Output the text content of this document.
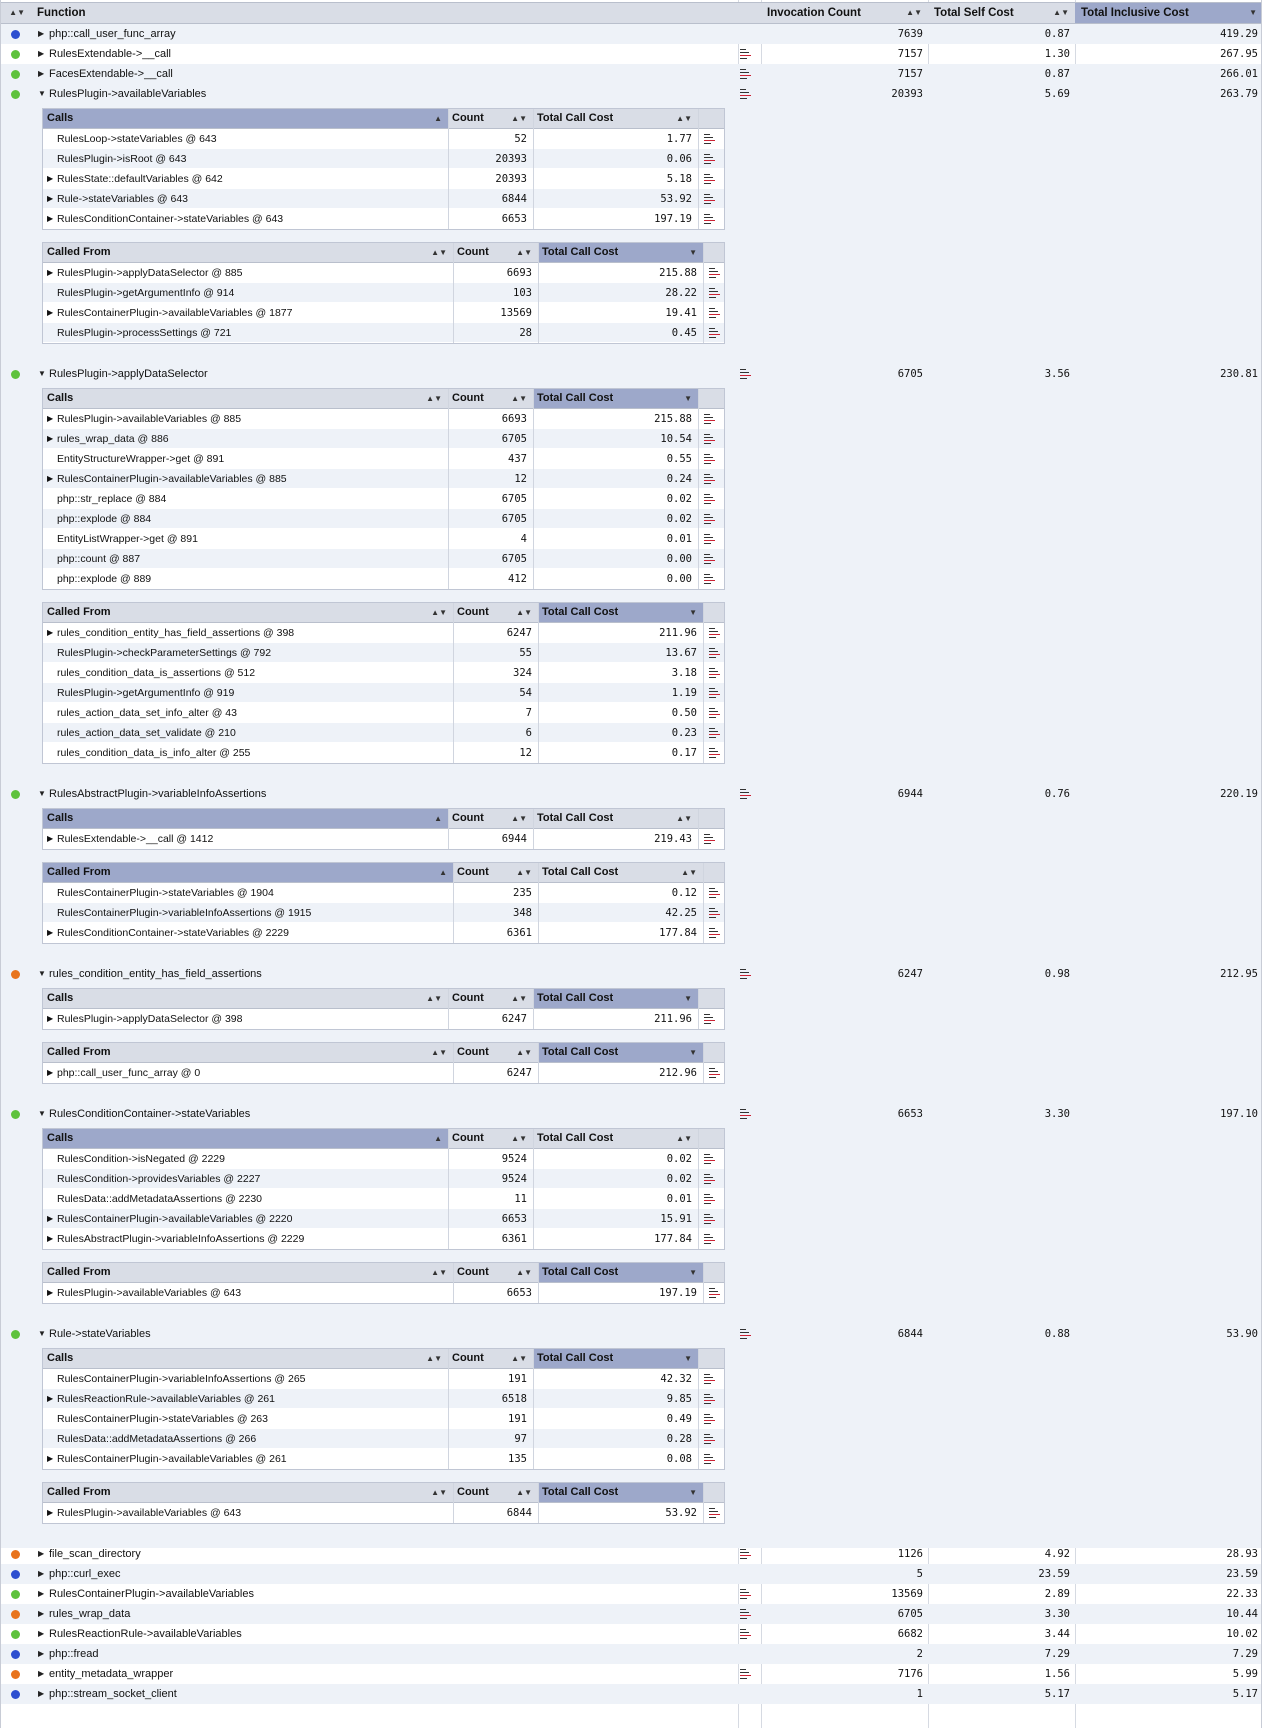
▶ php::call_user_func_array	7639	0.87	419.29
▶ RulesExtendable->__call	7157	1.30	267.95
▶ FacesExtendable->__call	7157	0.87	266.01
▼ RulesPlugin->availableVariables	20393	5.69	263.79
Calls	▲ Count	▲▼ Total Call Cost	▲▼
RulesLoop->stateVariables @ 643	52	1.77
RulesPlugin->isRoot @ 643	20393	0.06
▶ RulesState::defaultVariables @ 642	20393	5.18
▶ Rule->stateVariables @ 643	6844	53.92
▶ RulesConditionContainer->stateVariables @ 643	6653	197.19
Called From	▲▼ Count	▲▼ Total Call Cost	▼
▶ RulesPlugin->applyDataSelector @ 885	6693	215.88
RulesPlugin->getArgumentInfo @ 914	103	28.22
▶ RulesContainerPlugin->availableVariables @ 1877	13569	19.41
RulesPlugin->processSettings @ 721	28	0.45
▼ RulesPlugin->applyDataSelector	6705	3.56	230.81
Calls	▲▼ Count	▲▼ Total Call Cost	▼
▶ RulesPlugin->availableVariables @ 885	6693	215.88
▶ rules_wrap_data @ 886	6705	10.54
EntityStructureWrapper->get @ 891	437	0.55
▶ RulesContainerPlugin->availableVariables @ 885	12	0.24
php::str_replace @ 884	6705	0.02
php::explode @ 884	6705	0.02
EntityListWrapper->get @ 891	4	0.01
php::count @ 887	6705	0.00
php::explode @ 889	412	0.00
Called From	▲▼ Count	▲▼ Total Call Cost	▼
▶ rules_condition_entity_has_field_assertions @ 398	6247	211.96
RulesPlugin->checkParameterSettings @ 792	55	13.67
rules_condition_data_is_assertions @ 512	324	3.18
RulesPlugin->getArgumentInfo @ 919	54	1.19
rules_action_data_set_info_alter @ 43	7	0.50
rules_action_data_set_validate @ 210	6	0.23
rules_condition_data_is_info_alter @ 255	12	0.17
▼ RulesAbstractPlugin->variableInfoAssertions	6944	0.76	220.19
Calls	▲ Count	▲▼ Total Call Cost	▲▼
▶ RulesExtendable->__call @ 1412	6944	219.43
Called From	▲ Count	▲▼ Total Call Cost	▲▼
RulesContainerPlugin->stateVariables @ 1904	235	0.12
RulesContainerPlugin->variableInfoAssertions @ 1915	348	42.25
▶ RulesConditionContainer->stateVariables @ 2229	6361	177.84
▼ rules_condition_entity_has_field_assertions	6247	0.98	212.95
Calls	▲▼ Count	▲▼ Total Call Cost	▼
▶ RulesPlugin->applyDataSelector @ 398	6247	211.96
Called From	▲▼ Count	▲▼ Total Call Cost	▼
▶ php::call_user_func_array @ 0	6247	212.96
▼ RulesConditionContainer->stateVariables	6653	3.30	197.10
Calls	▲ Count	▲▼ Total Call Cost	▲▼
RulesCondition->isNegated @ 2229	9524	0.02
RulesCondition->providesVariables @ 2227	9524	0.02
RulesData::addMetadataAssertions @ 2230	11	0.01
▶ RulesContainerPlugin->availableVariables @ 2220	6653	15.91
▶ RulesAbstractPlugin->variableInfoAssertions @ 2229	6361	177.84
Called From	▲▼ Count	▲▼ Total Call Cost	▼
▶ RulesPlugin->availableVariables @ 643	6653	197.19
▼ Rule->stateVariables	6844	0.88	53.90
Calls	▲▼ Count	▲▼ Total Call Cost	▼
RulesContainerPlugin->variableInfoAssertions @ 265	191	42.32
▶ RulesReactionRule->availableVariables @ 261	6518	9.85
RulesContainerPlugin->stateVariables @ 263	191	0.49
RulesData::addMetadataAssertions @ 266	97	0.28
▶ RulesContainerPlugin->availableVariables @ 261	135	0.08
Called From	▲▼ Count	▲▼ Total Call Cost	▼
▶ RulesPlugin->availableVariables @ 643	6844	53.92
▶ file_scan_directory	1126	4.92	28.93
▶ php::curl_exec	5	23.59	23.59
▶ RulesContainerPlugin->availableVariables	13569	2.89	22.33
▶ rules_wrap_data	6705	3.30	10.44
▶ RulesReactionRule->availableVariables	6682	3.44	10.02
▶ php::fread	2	7.29	7.29
▶ entity_metadata_wrapper	7176	1.56	5.99
▶ php::stream_socket_client	1	5.17	5.17
▲▼	Function	Invocation Count	▲▼	Total Self Cost	▲▼	Total Inclusive Cost	▼
